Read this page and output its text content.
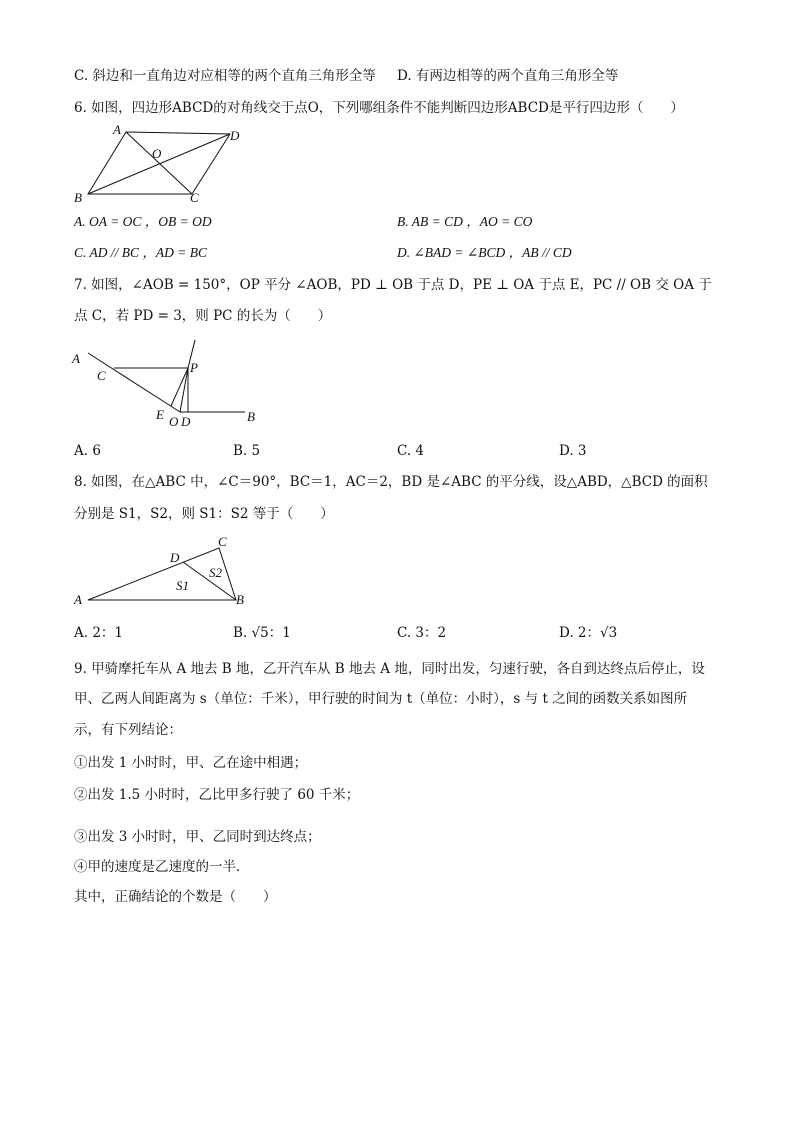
C. 斜边和一直角边对应相等的两个直角三角形全等 D. 有两边相等的两个直角三角形全等
6. 如图，四边形ABCD的对角线交于点O，下列哪组条件不能判断四边形ABCD是平行四边形（　　）
A	D
O
B	C
A. OA = OC ，OB = OD	B. AB = CD ，AO = CO
C. AD // BC ，AD = BC	D. ∠BAD = ∠BCD ，AB // CD
7. 如图，∠AOB = 150°，OP 平分 ∠AOB，PD ⊥ OB 于点 D，PE ⊥ OA 于点 E，PC // OB 交 OA 于
点 C，若 PD = 3，则 PC 的长为（　　）
A
C
P
E O D	B
A. 6	B. 5	C. 4	D. 3
8. 如图，在△ABC 中，∠C＝90°，BC＝1，AC＝2，BD 是∠ABC 的平分线，设△ABD，△BCD 的面积
分别是 S1，S2，则 S1：S2 等于（　　）
A
D
C
S2
S1
B
A. 2：1	B. √5：1	C. 3：2	D. 2：√3
9. 甲骑摩托车从 A 地去 B 地，乙开汽车从 B 地去 A 地，同时出发，匀速行驶，各自到达终点后停止，设
甲、乙两人间距离为 s（单位：千米），甲行驶的时间为 t（单位：小时），s 与 t 之间的函数关系如图所
示，有下列结论：
①出发 1 小时时，甲、乙在途中相遇；
②出发 1.5 小时时，乙比甲多行驶了 60 千米；
③出发 3 小时时，甲、乙同时到达终点；
④甲的速度是乙速度的一半．
其中，正确结论的个数是（　　）
